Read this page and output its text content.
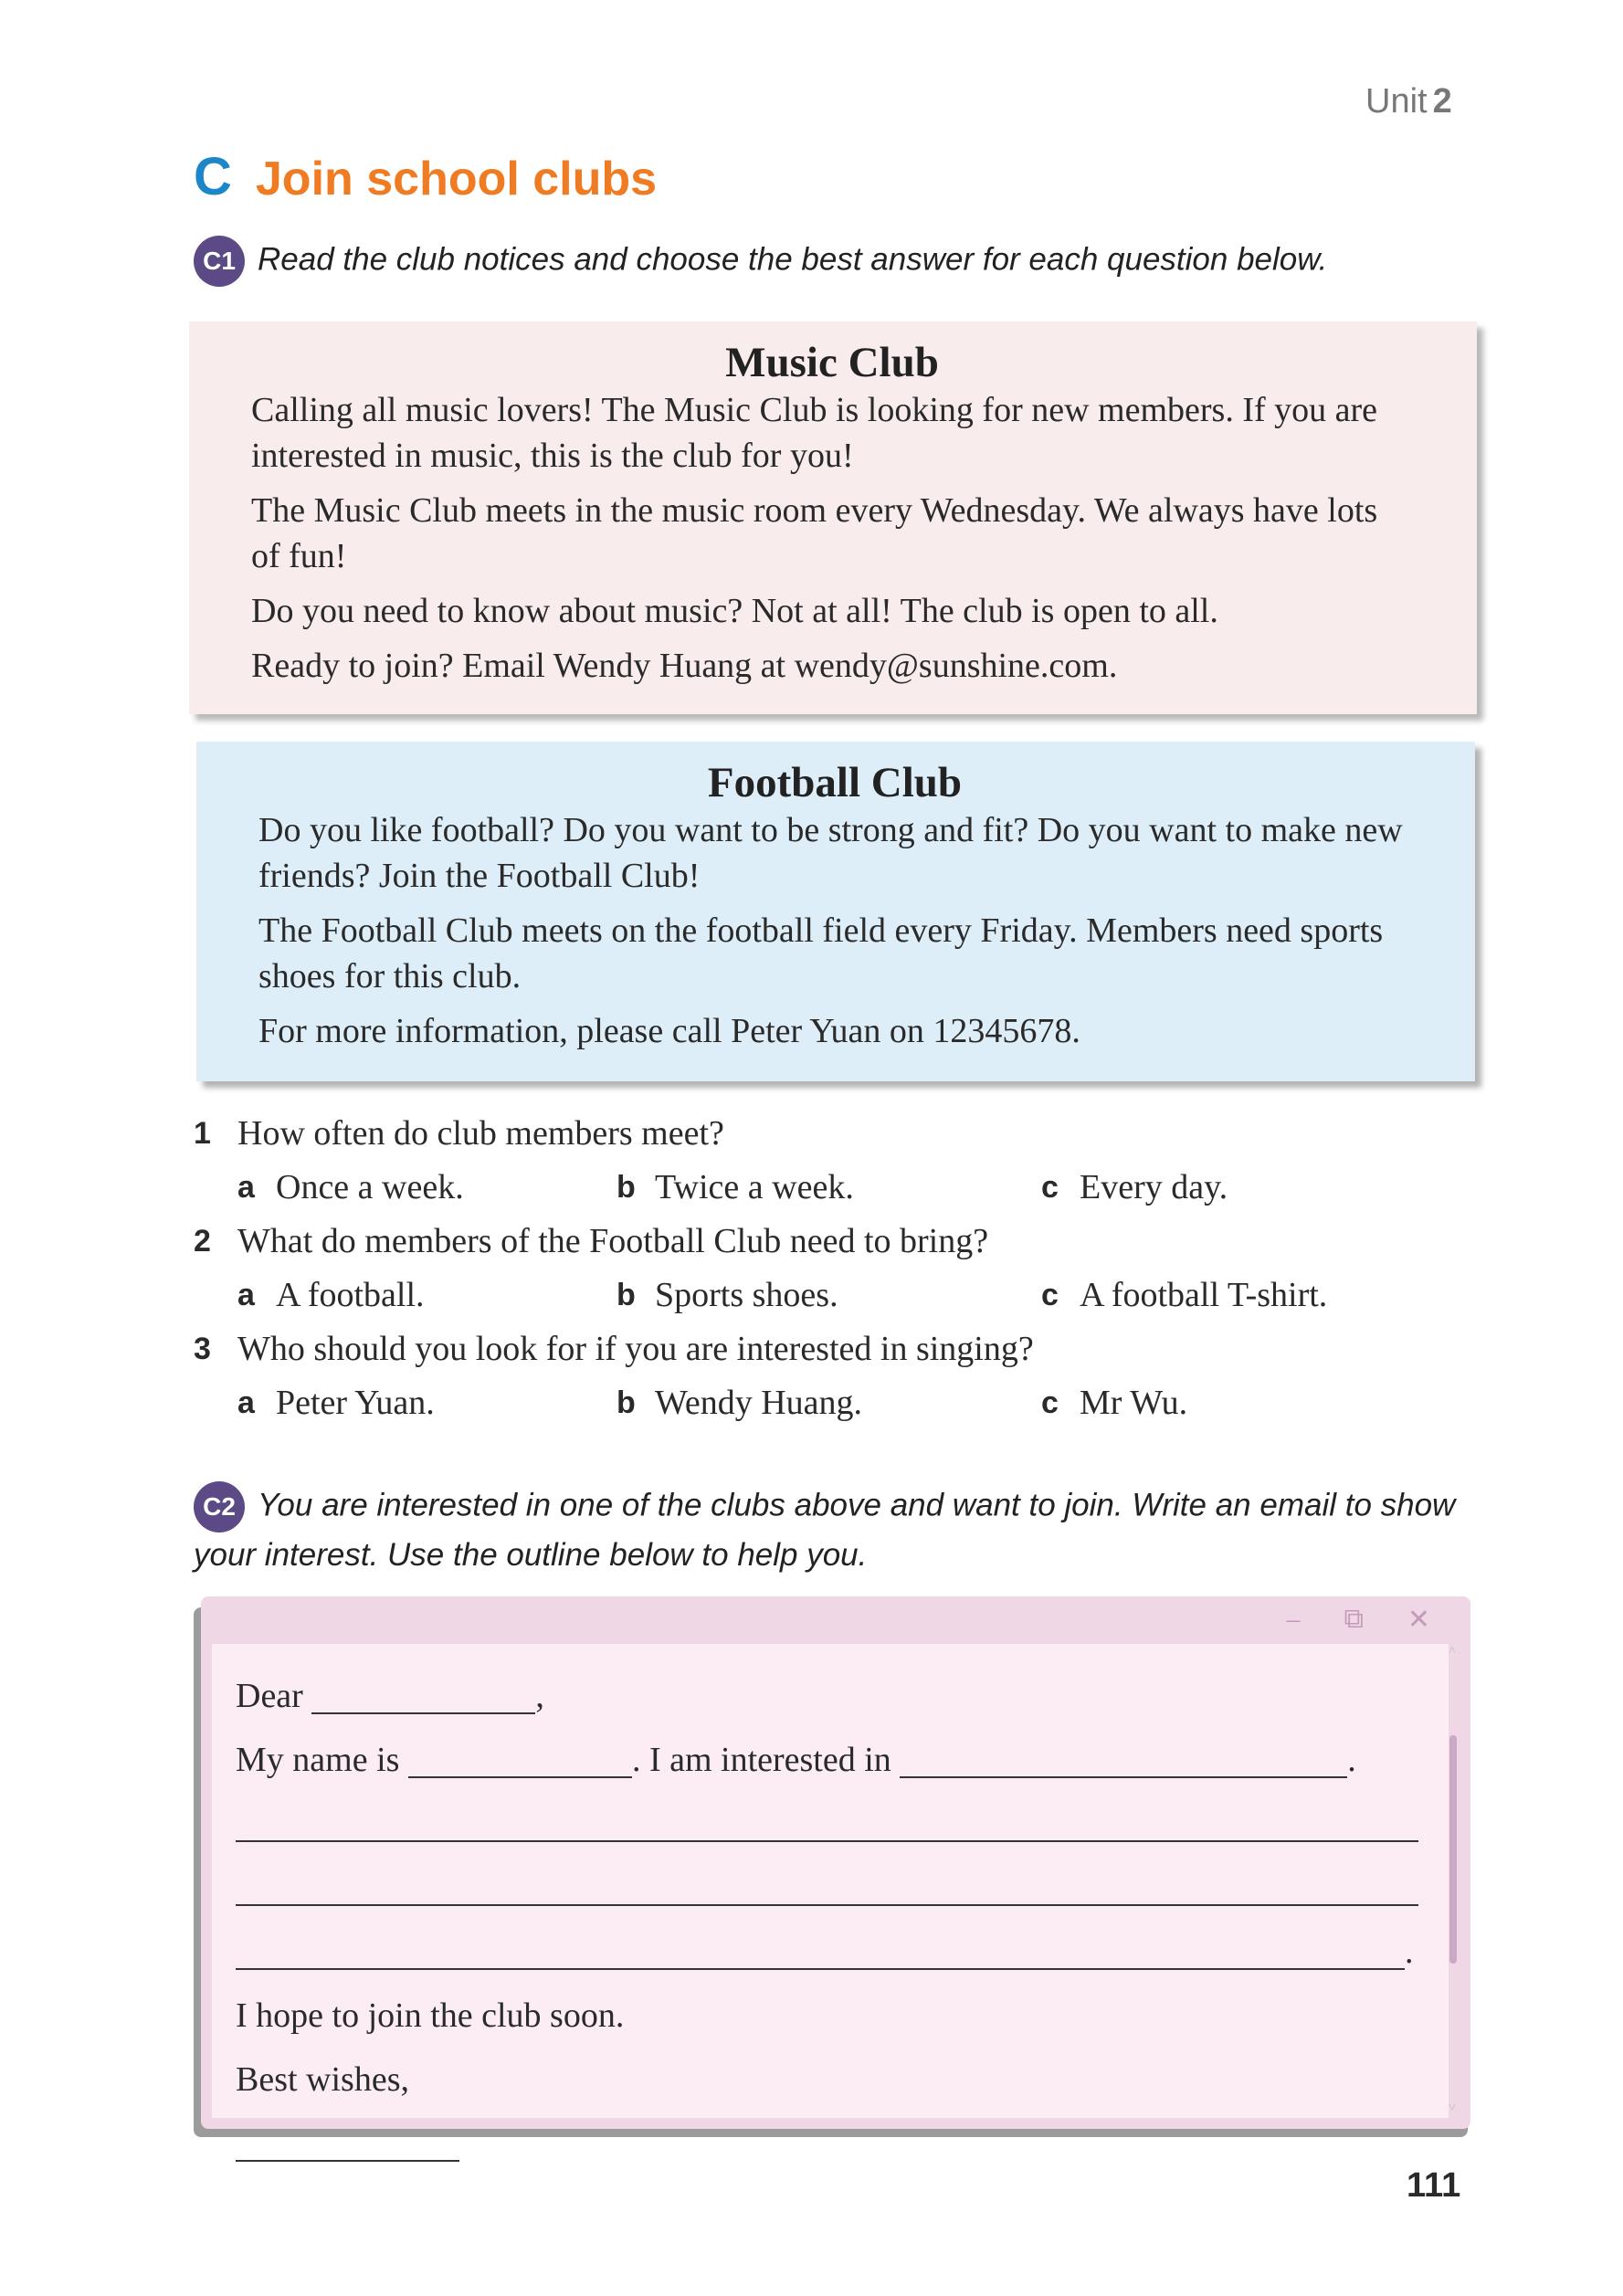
Unit 2
C Join school clubs
C1 Read the club notices and choose the best answer for each question below.
Music Club

Calling all music lovers! The Music Club is looking for new members. If you are interested in music, this is the club for you!

The Music Club meets in the music room every Wednesday. We always have lots of fun!

Do you need to know about music? Not at all! The club is open to all.

Ready to join? Email Wendy Huang at wendy@sunshine.com.

Football Club

Do you like football? Do you want to be strong and fit? Do you want to make new friends? Join the Football Club!

The Football Club meets on the football field every Friday. Members need sports shoes for this club.

For more information, please call Peter Yuan on 12345678.

1 How often do club members meet?
a Once a week.	b Twice a week.	c Every day.
2 What do members of the Football Club need to bring?
a A football.	b Sports shoes.	c A football T-shirt.
3 Who should you look for if you are interested in singing?
a Peter Yuan.	b Wendy Huang.	c Mr Wu.
C2 You are interested in one of the clubs above and want to join. Write an email to show your interest. Use the outline below to help you.
– ⧉ ✕
Dear
	,
My name is
	. I am interested in
	.
.
I hope to join the club soon.
Best wishes,
˄
˅
111
